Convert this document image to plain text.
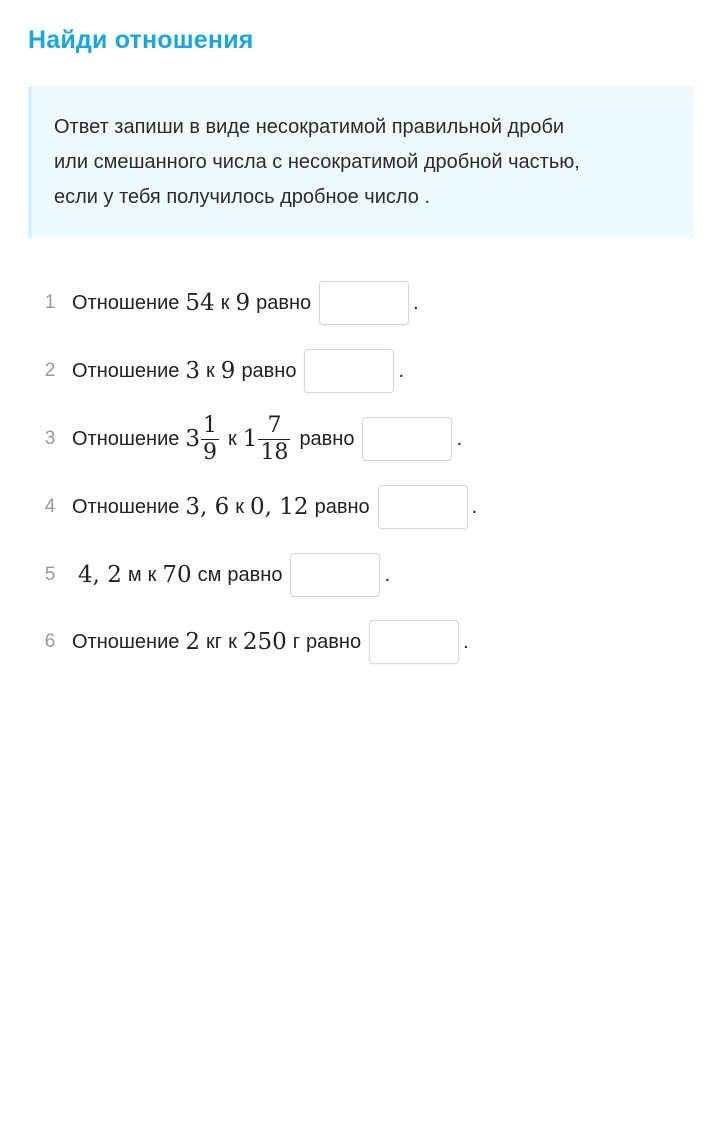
Найди отношения
Ответ запиши в виде несократимой правильной дроби
или смешанного числа с несократимой дробной частью,
если у тебя получилось дробное число .
1 Отношение 54 к 9 равно	.
2 Отношение 3 к 9 равно	.
3 Отношение $3 \frac{1}{9}$ к $1 \frac{7}{18}$ равно	.
4 Отношение 3, 6 к 0, 12 равно	.
5 4, 2 м к 70 см равно	.
6 Отношение 2 кг к 250 г равно	.
